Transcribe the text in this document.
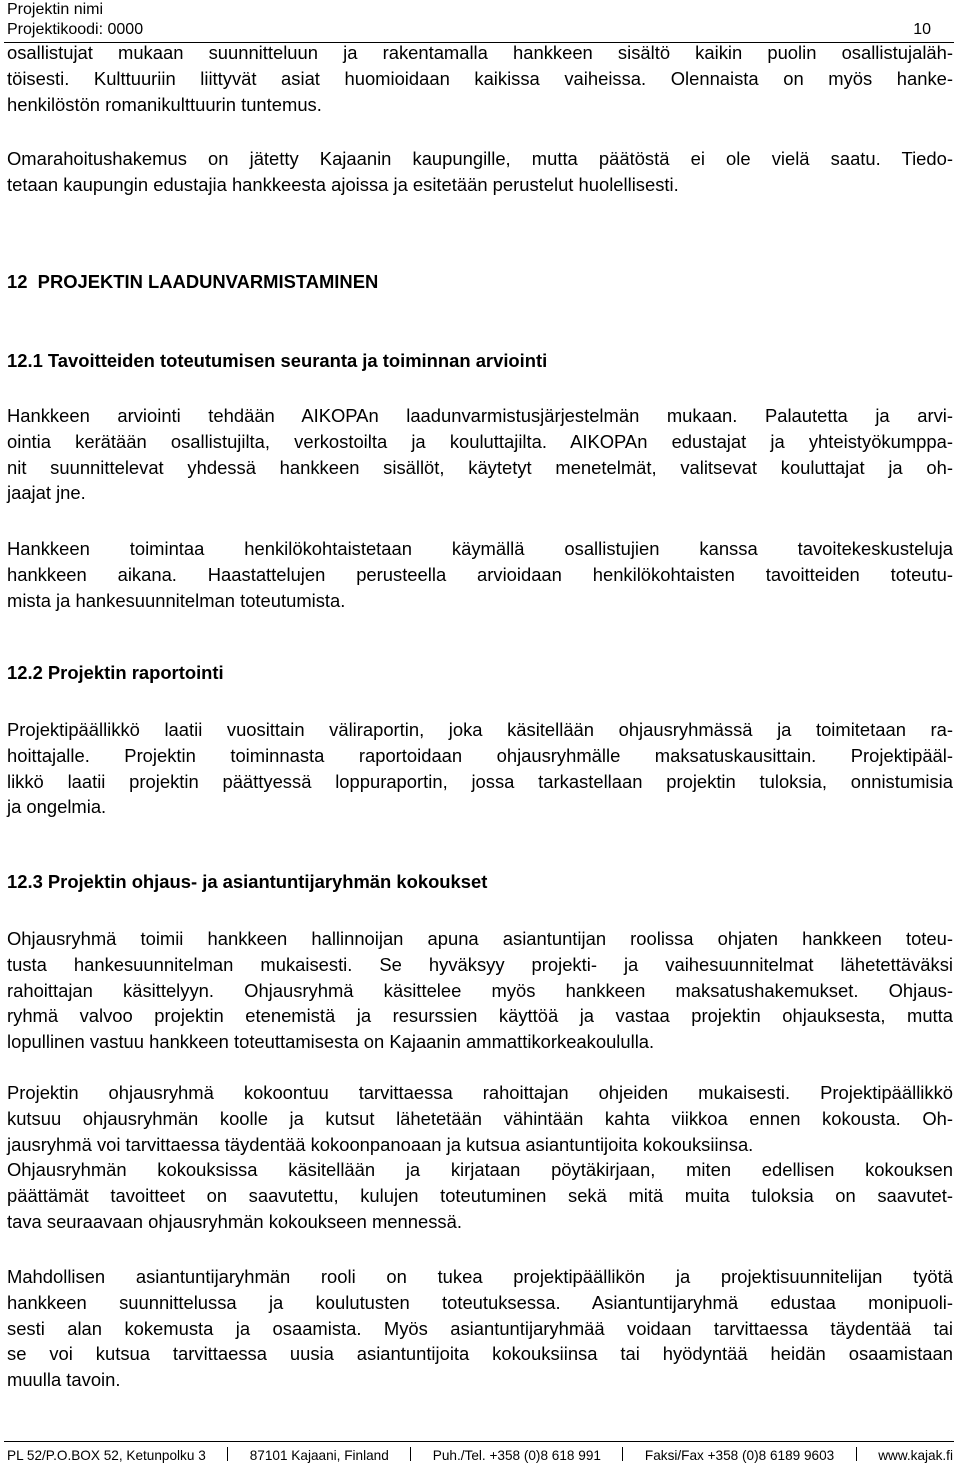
Projektin nimi
Projektikoodi: 0000	10

osallistujat mukaan suunnitteluun ja rakentamalla hankkeen sisältö kaikin puolin osallistujaläh-
töisesti. Kulttuuriin liittyvät asiat huomioidaan kaikissa vaiheissa. Olennaista on myös hanke-
henkilöstön romanikulttuurin tuntemus.

Omarahoitushakemus on jätetty Kajaanin kaupungille, mutta päätöstä ei ole vielä saatu. Tiedo-
tetaan kaupungin edustajia hankkeesta ajoissa ja esitetään perustelut huolellisesti.

12  PROJEKTIN LAADUNVARMISTAMINEN
12.1 Tavoitteiden toteutumisen seuranta ja toiminnan arviointi

Hankkeen arviointi tehdään AIKOPAn laadunvarmistusjärjestelmän mukaan. Palautetta ja arvi-
ointia kerätään osallistujilta, verkostoilta ja kouluttajilta. AIKOPAn edustajat ja yhteistyökumppa-
nit suunnittelevat yhdessä hankkeen sisällöt, käytetyt menetelmät, valitsevat kouluttajat ja oh-
jaajat jne.

Hankkeen toimintaa henkilökohtaistetaan käymällä osallistujien kanssa tavoitekeskusteluja
hankkeen aikana. Haastattelujen perusteella arvioidaan henkilökohtaisten tavoitteiden toteutu-
mista ja hankesuunnitelman toteutumista.

12.2 Projektin raportointi

Projektipäällikkö laatii vuosittain väliraportin, joka käsitellään ohjausryhmässä ja toimitetaan ra-
hoittajalle. Projektin toiminnasta raportoidaan ohjausryhmälle maksatuskausittain. Projektipääl-
likkö laatii projektin päättyessä loppuraportin, jossa tarkastellaan projektin tuloksia, onnistumisia
ja ongelmia.

12.3 Projektin ohjaus- ja asiantuntijaryhmän kokoukset

Ohjausryhmä toimii hankkeen hallinnoijan apuna asiantuntijan roolissa ohjaten hankkeen toteu-
tusta hankesuunnitelman mukaisesti. Se hyväksyy projekti- ja vaihesuunnitelmat lähetettäväksi
rahoittajan käsittelyyn. Ohjausryhmä käsittelee myös hankkeen maksatushakemukset. Ohjaus-
ryhmä valvoo projektin etenemistä ja resurssien käyttöä ja vastaa projektin ohjauksesta, mutta
lopullinen vastuu hankkeen toteuttamisesta on Kajaanin ammattikorkeakoululla.

Projektin ohjausryhmä kokoontuu tarvittaessa rahoittajan ohjeiden mukaisesti. Projektipäällikkö
kutsuu ohjausryhmän koolle ja kutsut lähetetään vähintään kahta viikkoa ennen kokousta. Oh-
jausryhmä voi tarvittaessa täydentää kokoonpanoaan ja kutsua asiantuntijoita kokouksiinsa.
Ohjausryhmän kokouksissa käsitellään ja kirjataan pöytäkirjaan, miten edellisen kokouksen
päättämät tavoitteet on saavutettu, kulujen toteutuminen sekä mitä muita tuloksia on saavutet-
tava seuraavaan ohjausryhmän kokoukseen mennessä.

Mahdollisen asiantuntijaryhmän rooli on tukea projektipäällikön ja projektisuunnitelijan työtä
hankkeen suunnittelussa ja koulutusten toteutuksessa. Asiantuntijaryhmä edustaa monipuoli-
sesti alan kokemusta ja osaamista. Myös asiantuntijaryhmää voidaan tarvittaessa täydentää tai
se voi kutsua tarvittaessa uusia asiantuntijoita kokouksiinsa tai hyödyntää heidän osaamistaan
muulla tavoin.

PL 52/P.O.BOX 52, Ketunpolku 3	87101 Kajaani, Finland	Puh./Tel. +358 (0)8 618 991	Faksi/Fax +358 (0)8 6189 9603	www.kajak.fi
